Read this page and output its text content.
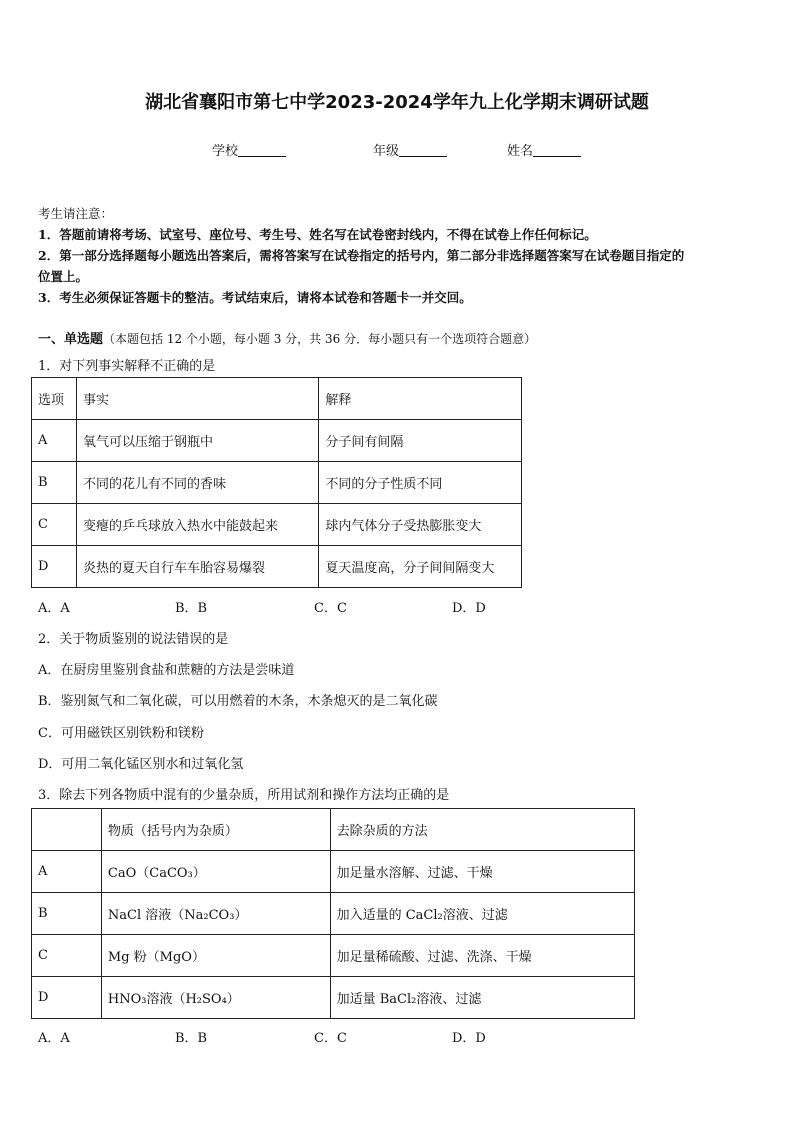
湖北省襄阳市第七中学2023-2024学年九上化学期末调研试题
学校	年级	姓名
考生请注意：
1．答题前请将考场、试室号、座位号、考生号、姓名写在试卷密封线内，不得在试卷上作任何标记。
2．第一部分选择题每小题选出答案后，需将答案写在试卷指定的括号内，第二部分非选择题答案写在试卷题目指定的
位置上。
3．考生必须保证答题卡的整洁。考试结束后，请将本试卷和答题卡一并交回。
一、单选题（本题包括 12 个小题，每小题 3 分，共 36 分．每小题只有一个选项符合题意）
1．对下列事实解释不正确的是
选项	事实	解释
A	氧气可以压缩于钢瓶中	分子间有间隔
B	不同的花儿有不同的香味	不同的分子性质不同
C	变瘪的乒乓球放入热水中能鼓起来	球内气体分子受热膨胀变大
D	炎热的夏天自行车车胎容易爆裂	夏天温度高，分子间间隔变大
A．A	B．B	C．C	D．D
2．关于物质鉴别的说法错误的是
A．在厨房里鉴别食盐和蔗糖的方法是尝味道
B．鉴别氮气和二氧化碳，可以用燃着的木条，木条熄灭的是二氧化碳
C．可用磁铁区别铁粉和镁粉
D．可用二氧化锰区别水和过氧化氢
3．除去下列各物质中混有的少量杂质，所用试剂和操作方法均正确的是
	物质（括号内为杂质）	去除杂质的方法
A	CaO（CaCO₃）	加足量水溶解、过滤、干燥
B	NaCl 溶液（Na₂CO₃）	加入适量的 CaCl₂溶液、过滤
C	Mg 粉（MgO）	加足量稀硫酸、过滤、洗涤、干燥
D	HNO₃溶液（H₂SO₄）	加适量 BaCl₂溶液、过滤
A．A	B．B	C．C	D．D
